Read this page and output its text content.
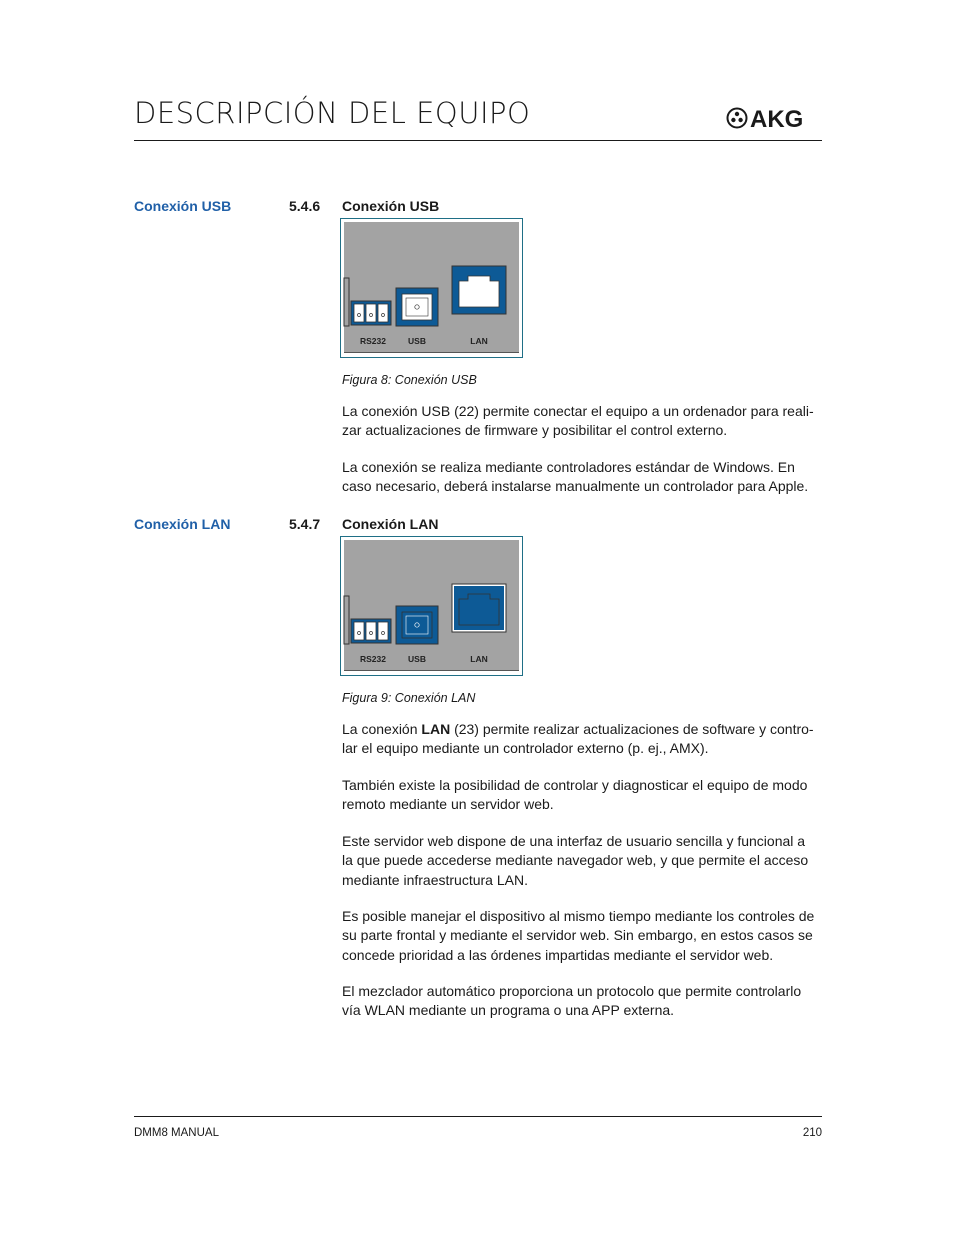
DESCRIPCIÓN DEL EQUIPO	AKG
Conexión USB	5.4.6 Conexión USB
RS232	USB	LAN
Figura 8: Conexión USB

La conexión USB (22) permite conectar el equipo a un ordenador para reali-
zar actualizaciones de firmware y posibilitar el control externo.

La conexión se realiza mediante controladores estándar de Windows. En
caso necesario, deberá instalarse manualmente un controlador para Apple.

Conexión LAN	5.4.7 Conexión LAN
RS232	USB	LAN
Figura 9: Conexión LAN

La conexión LAN (23) permite realizar actualizaciones de software y contro-
lar el equipo mediante un controlador externo (p. ej., AMX).

También existe la posibilidad de controlar y diagnosticar el equipo de modo
remoto mediante un servidor web.

Este servidor web dispone de una interfaz de usuario sencilla y funcional a
la que puede accederse mediante navegador web, y que permite el acceso
mediante infraestructura LAN.

Es posible manejar el dispositivo al mismo tiempo mediante los controles de
su parte frontal y mediante el servidor web. Sin embargo, en estos casos se
concede prioridad a las órdenes impartidas mediante el servidor web.

El mezclador automático proporciona un protocolo que permite controlarlo
vía WLAN mediante un programa o una APP externa.

DMM8 MANUAL	210
